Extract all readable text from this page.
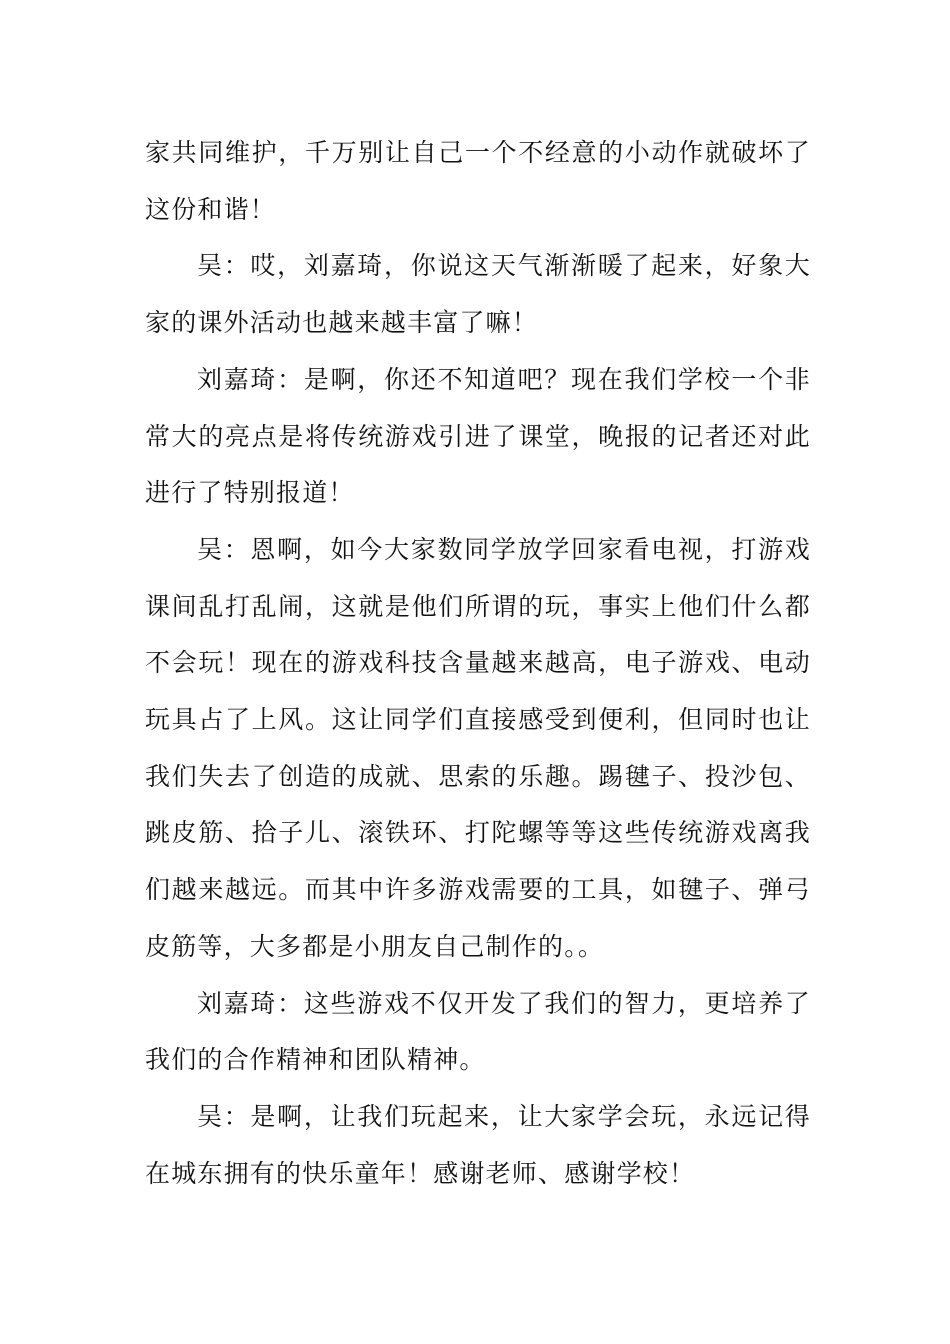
家共同维护，千万别让自己一个不经意的小动作就破坏了这份和谐！

吴：哎，刘嘉琦，你说这天气渐渐暖了起来，好象大家的课外活动也越来越丰富了嘛！

刘嘉琦：是啊，你还不知道吧？现在我们学校一个非常大的亮点是将传统游戏引进了课堂，晚报的记者还对此进行了特别报道！

吴：恩啊，如今大家数同学放学回家看电视，打游戏课间乱打乱闹，这就是他们所谓的玩，事实上他们什么都不会玩！现在的游戏科技含量越来越高，电子游戏、电动玩具占了上风。这让同学们直接感受到便利，但同时也让我们失去了创造的成就、思索的乐趣。踢毽子、投沙包、跳皮筋、拾子儿、滚铁环、打陀螺等等这些传统游戏离我们越来越远。而其中许多游戏需要的工具，如毽子、弹弓皮筋等，大多都是小朋友自己制作的。。

刘嘉琦：这些游戏不仅开发了我们的智力，更培养了我们的合作精神和团队精神。

吴：是啊，让我们玩起来，让大家学会玩，永远记得在城东拥有的快乐童年！感谢老师、感谢学校！
